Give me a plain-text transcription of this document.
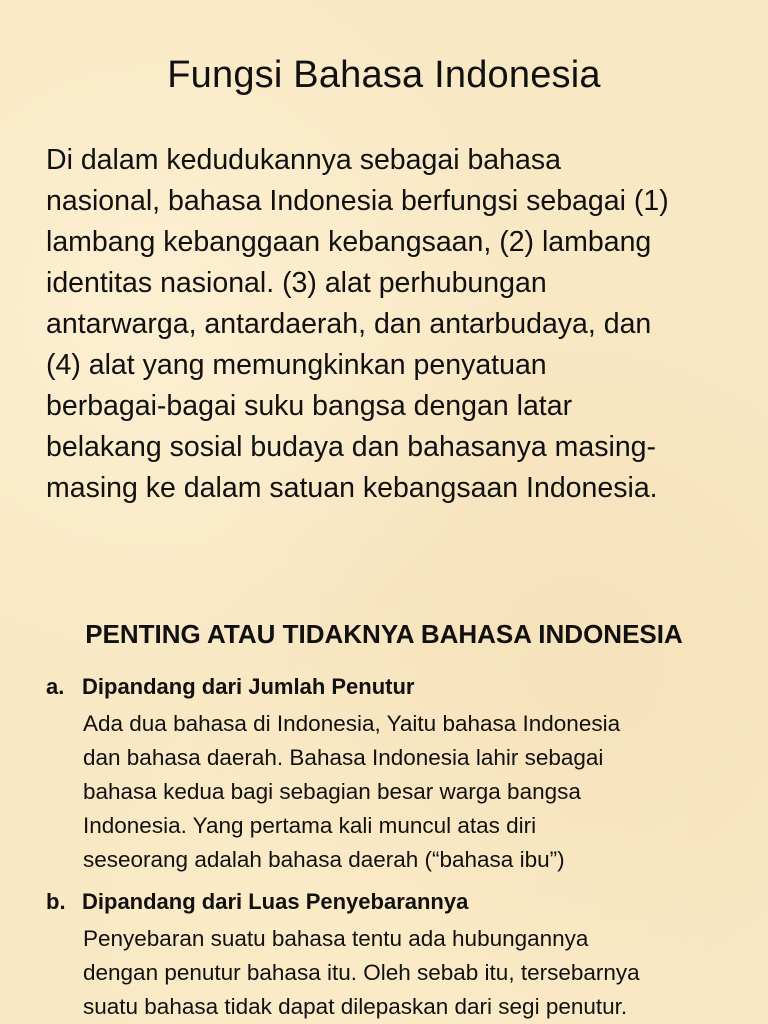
Fungsi Bahasa Indonesia
Di dalam kedudukannya sebagai bahasa
nasional, bahasa Indonesia berfungsi sebagai (1)
lambang kebanggaan kebangsaan, (2) lambang
identitas nasional. (3) alat perhubungan
antarwarga, antardaerah, dan antarbudaya, dan
(4) alat yang memungkinkan penyatuan
berbagai-bagai suku bangsa dengan latar
belakang sosial budaya dan bahasanya masing-
masing ke dalam satuan kebangsaan Indonesia.
PENTING ATAU TIDAKNYA BAHASA INDONESIA
a. Dipandang dari Jumlah Penutur
Ada dua bahasa di Indonesia, Yaitu bahasa Indonesia
dan bahasa daerah. Bahasa Indonesia lahir sebagai
bahasa kedua bagi sebagian besar warga bangsa
Indonesia. Yang pertama kali muncul atas diri
seseorang adalah bahasa daerah (“bahasa ibu”)
b. Dipandang dari Luas Penyebarannya
Penyebaran suatu bahasa tentu ada hubungannya
dengan penutur bahasa itu. Oleh sebab itu, tersebarnya
suatu bahasa tidak dapat dilepaskan dari segi penutur.
